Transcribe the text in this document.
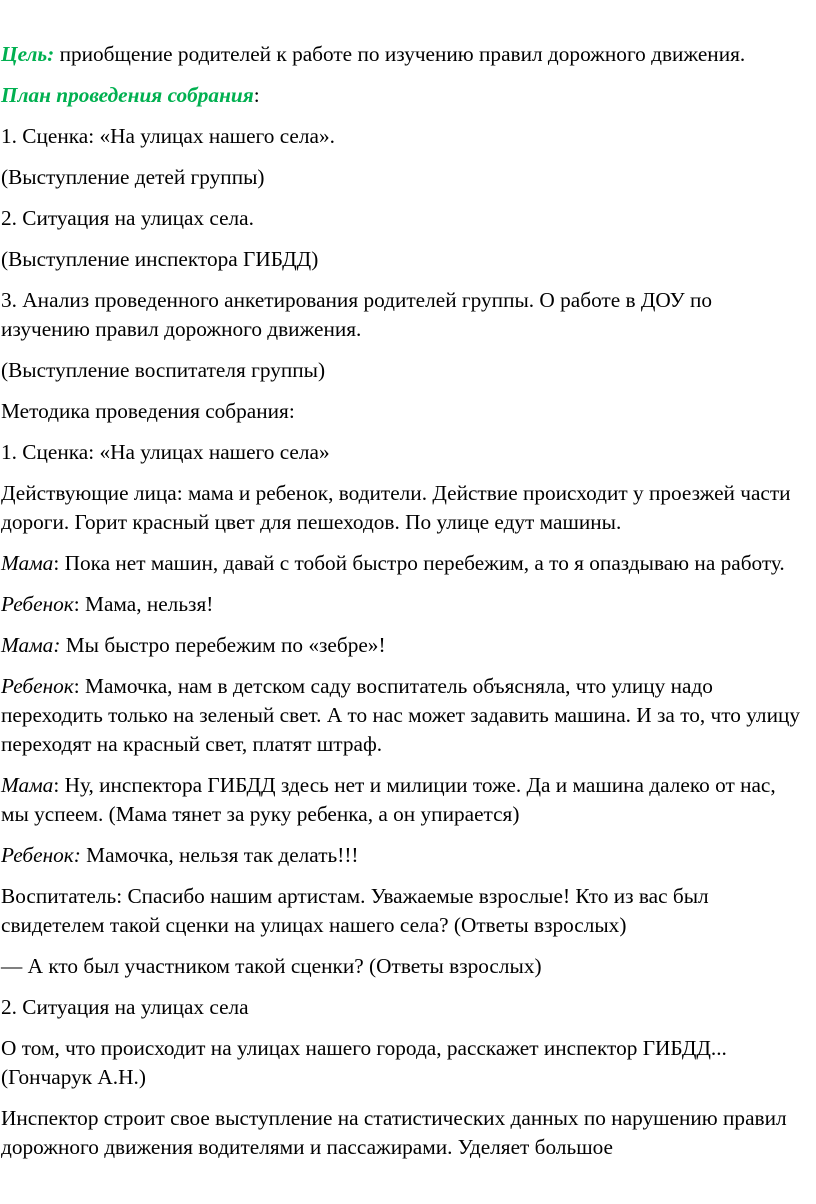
Цель: приобщение родителей к работе по изучению правил дорожного движения.

План проведения собрания:

1. Сценка: «На улицах нашего села».

(Выступление детей группы)

2. Ситуация на улицах села.

(Выступление инспектора ГИБДД)

3. Анализ проведенного анкетирования родителей группы. О работе в ДОУ по изучению правил дорожного движения.

(Выступление воспитателя группы)

Методика проведения собрания:

1. Сценка: «На улицах нашего села»

Действующие лица: мама и ребенок, водители. Действие происходит у проезжей части дороги. Горит красный цвет для пешеходов. По улице едут машины.

Мама: Пока нет машин, давай с тобой быстро перебежим, а то я опаздываю на работу.

Ребенок: Мама, нельзя!

Мама: Мы быстро перебежим по «зебре»!

Ребенок: Мамочка, нам в детском саду воспитатель объясняла, что улицу надо переходить только на зеленый свет. А то нас может задавить машина. И за то, что улицу переходят на красный свет, платят штраф.

Мама: Ну, инспектора ГИБДД здесь нет и милиции тоже. Да и машина далеко от нас, мы успеем. (Мама тянет за руку ребенка, а он упирается)

Ребенок: Мамочка, нельзя так делать!!!

Воспитатель: Спасибо нашим артистам. Уважаемые взрослые! Кто из вас был свидетелем такой сценки на улицах нашего села? (Ответы взрослых)

— А кто был участником такой сценки? (Ответы взрослых)

2. Ситуация на улицах села

О том, что происходит на улицах нашего города, расскажет инспектор ГИБДД... (Гончарук А.Н.)

Инспектор строит свое выступление на статистических данных по нарушению правил дорожного движения водителями и пассажирами. Уделяет большое
